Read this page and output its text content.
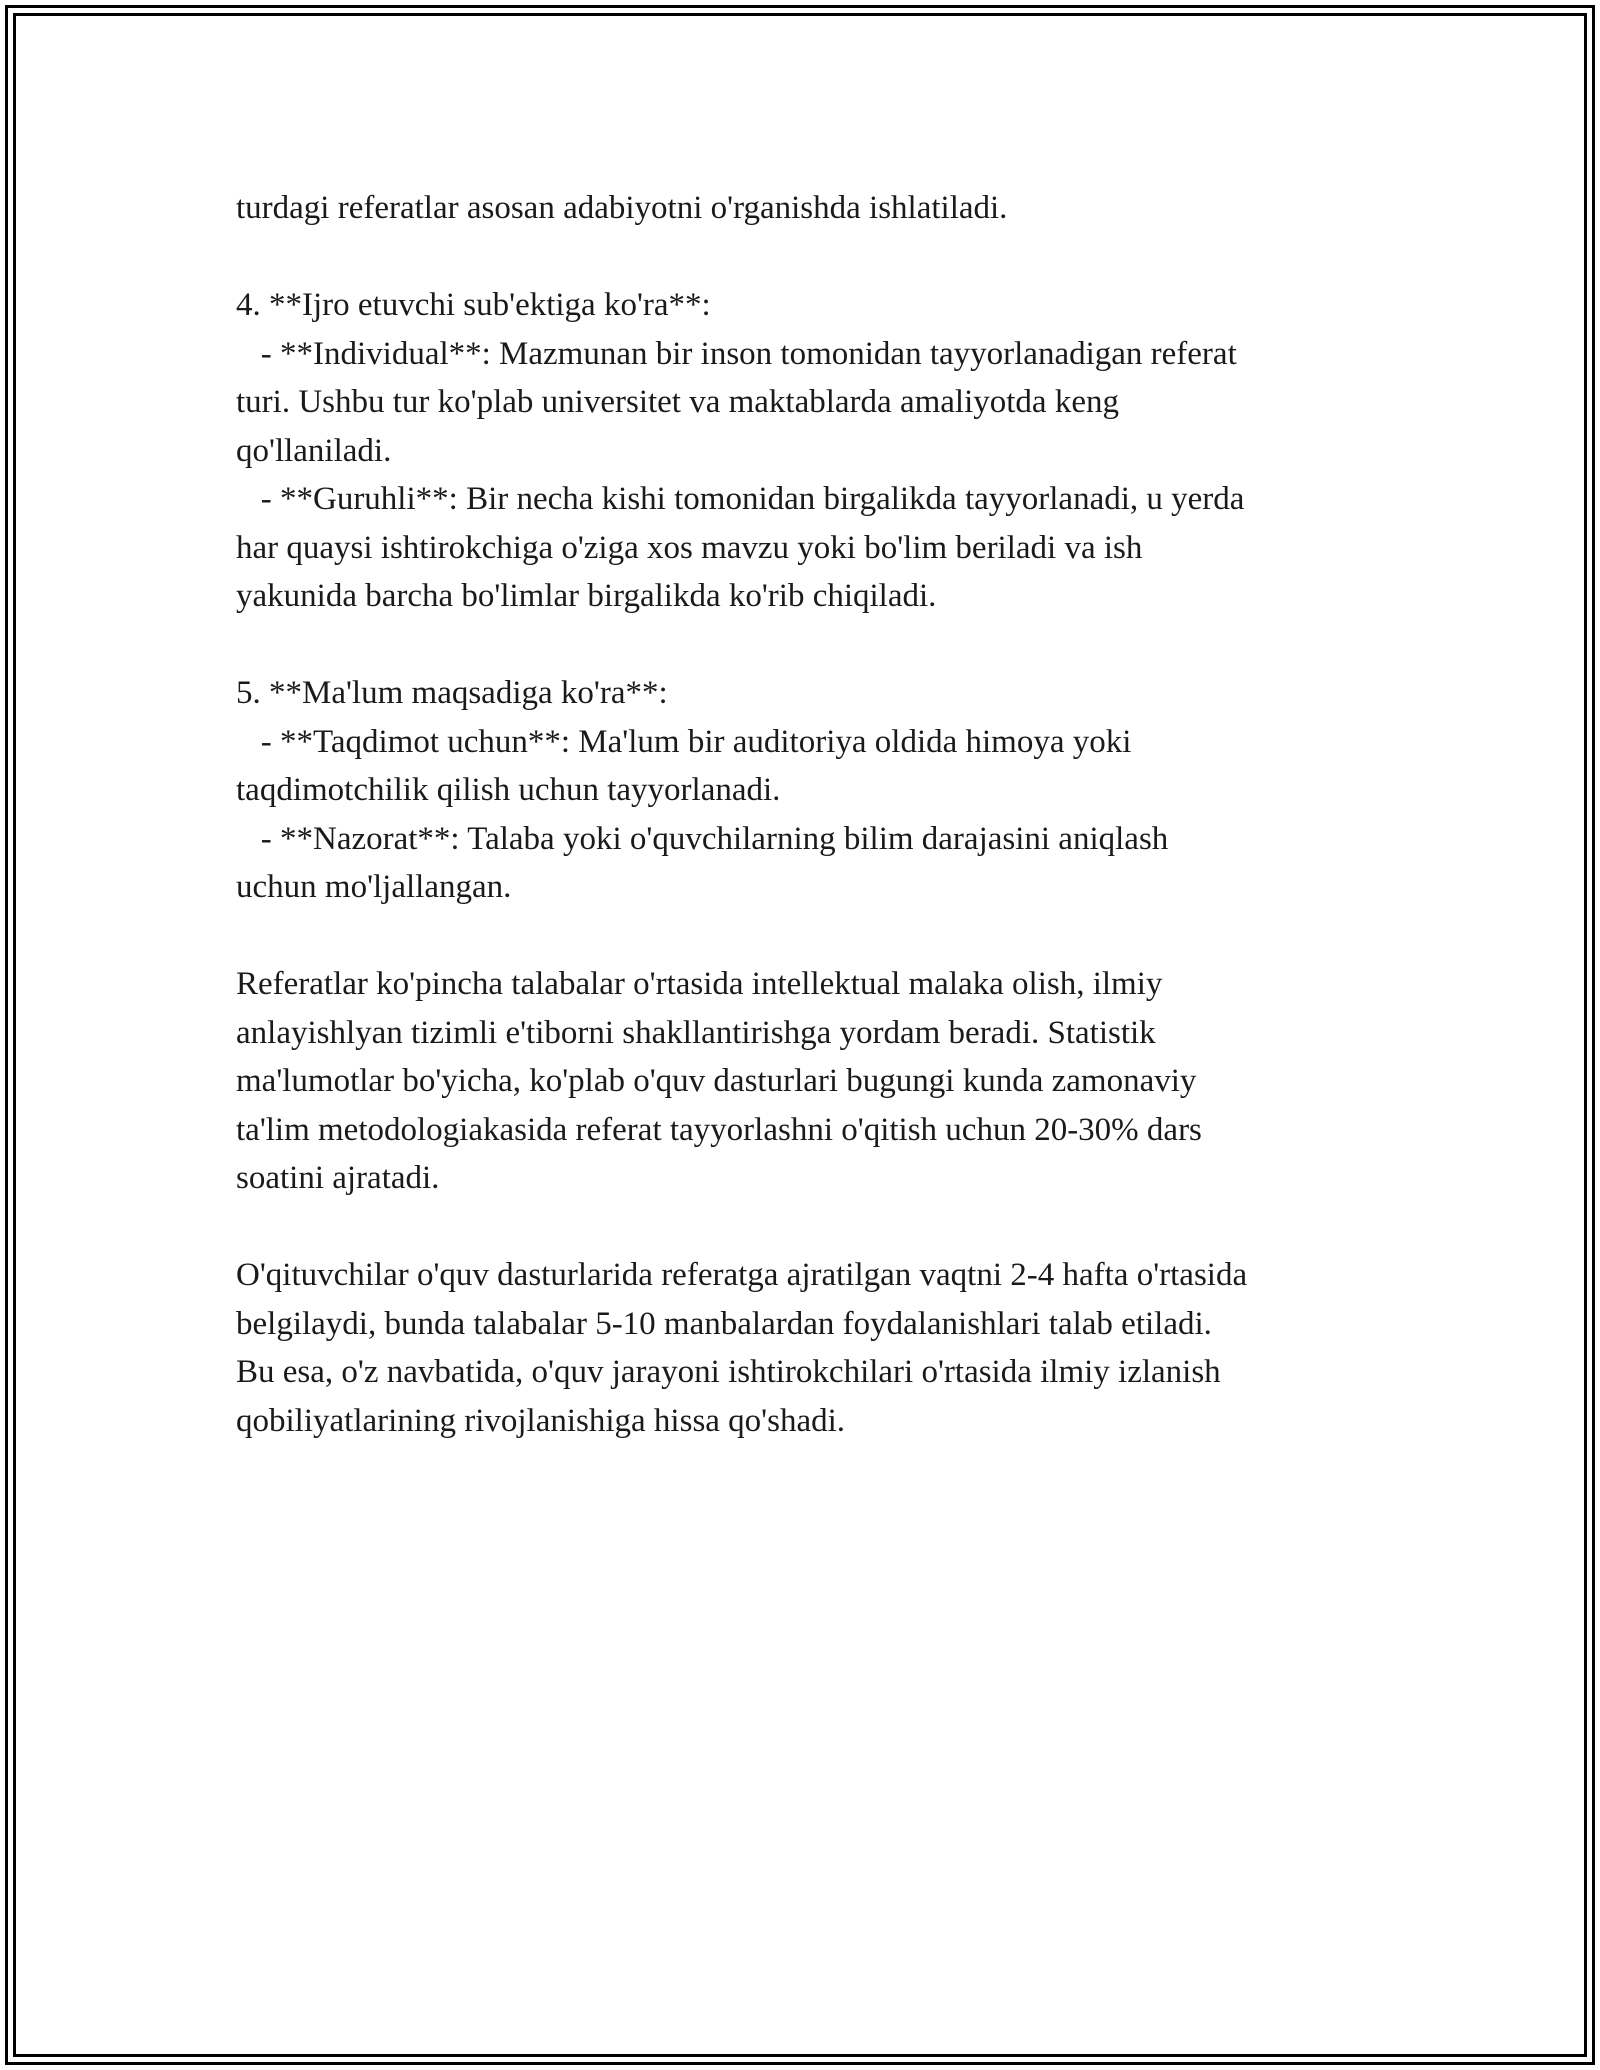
turdagi referatlar asosan adabiyotni o'rganishda ishlatiladi.
4. **Ijro etuvchi sub'ektiga ko'ra**:
- **Individual**: Mazmunan bir inson tomonidan tayyorlanadigan referat
turi. Ushbu tur ko'plab universitet va maktablarda amaliyotda keng
qo'llaniladi.
- **Guruhli**: Bir necha kishi tomonidan birgalikda tayyorlanadi, u yerda
har quaysi ishtirokchiga o'ziga xos mavzu yoki bo'lim beriladi va ish
yakunida barcha bo'limlar birgalikda ko'rib chiqiladi.
5. **Ma'lum maqsadiga ko'ra**:
- **Taqdimot uchun**: Ma'lum bir auditoriya oldida himoya yoki
taqdimotchilik qilish uchun tayyorlanadi.
- **Nazorat**: Talaba yoki o'quvchilarning bilim darajasini aniqlash
uchun mo'ljallangan.
Referatlar ko'pincha talabalar o'rtasida intellektual malaka olish, ilmiy
anlayishlyan tizimli e'tiborni shakllantirishga yordam beradi. Statistik
ma'lumotlar bo'yicha, ko'plab o'quv dasturlari bugungi kunda zamonaviy
ta'lim metodologiakasida referat tayyorlashni o'qitish uchun 20-30% dars
soatini ajratadi.
O'qituvchilar o'quv dasturlarida referatga ajratilgan vaqtni 2-4 hafta o'rtasida
belgilaydi, bunda talabalar 5-10 manbalardan foydalanishlari talab etiladi.
Bu esa, o'z navbatida, o'quv jarayoni ishtirokchilari o'rtasida ilmiy izlanish
qobiliyatlarining rivojlanishiga hissa qo'shadi.
